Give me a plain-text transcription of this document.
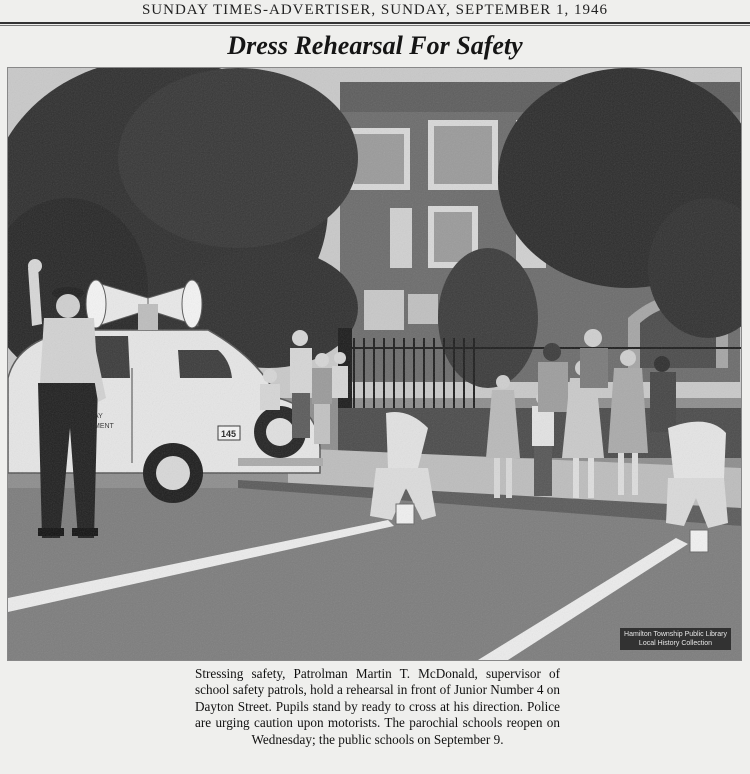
SUNDAY TIMES-ADVERTISER, SUNDAY, SEPTEMBER 1, 1946
Dress Rehearsal For Safety
Hamilton Township Public Library
Local History Collection
Stressing safety, Patrolman Martin T. McDonald, supervisor of school safety patrols, hold a rehearsal in front of Junior Number 4 on Dayton Street. Pupils stand by ready to cross at his direction. Police are urging caution upon motorists. The parochial schools reopen on Wednesday; the public schools on September 9.
